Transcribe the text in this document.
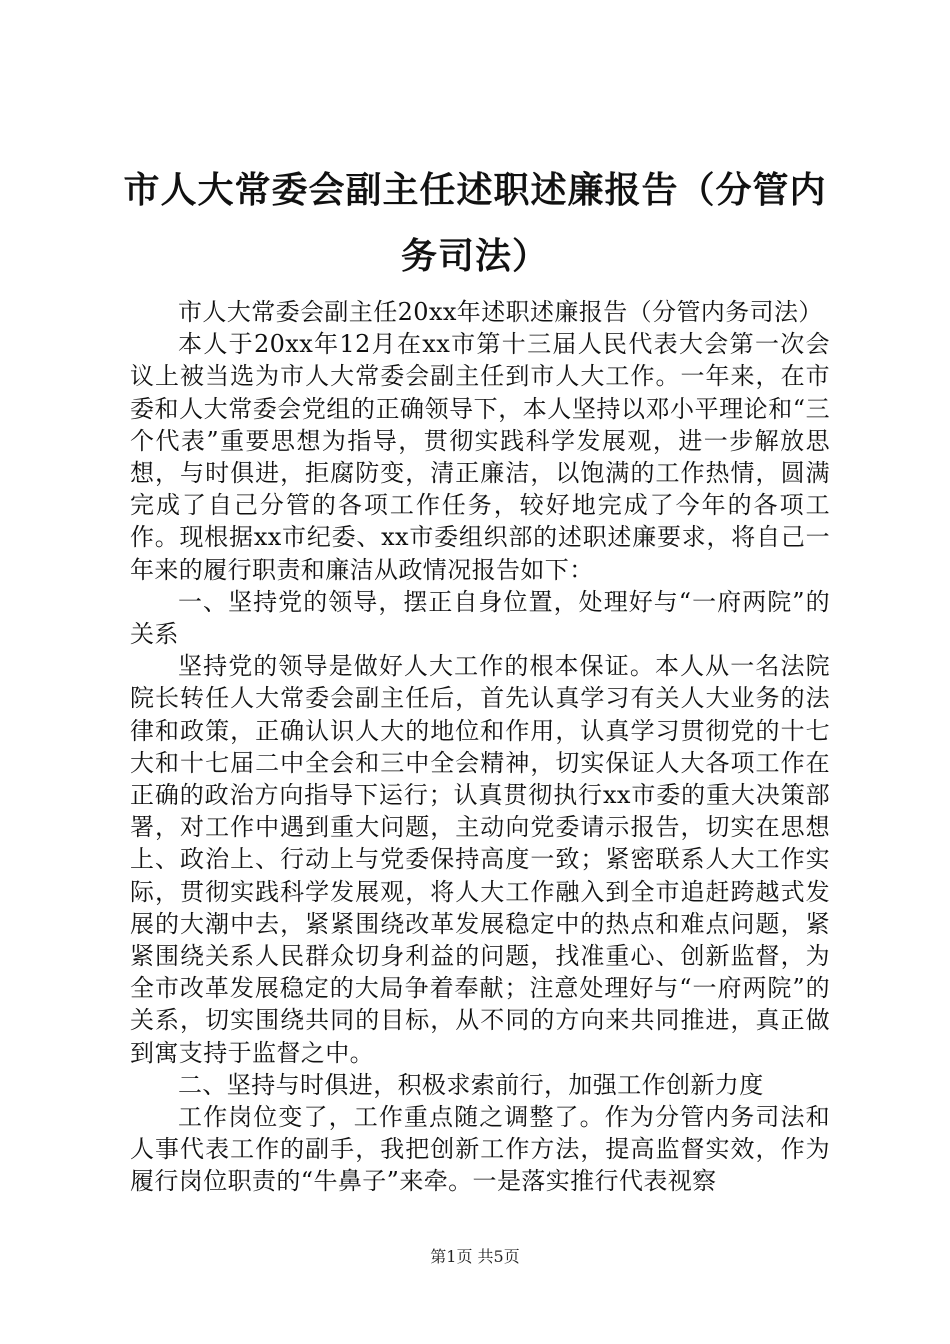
市人大常委会副主任述职述廉报告（分管内务司法）

市人大常委会副主任20xx年述职述廉报告（分管内务司法）

本人于20xx年12月在xx市第十三届人民代表大会第一次会议上被当选为市人大常委会副主任到市人大工作。一年来，在市委和人大常委会党组的正确领导下，本人坚持以邓小平理论和“三个代表”重要思想为指导，贯彻实践科学发展观，进一步解放思想，与时俱进，拒腐防变，清正廉洁，以饱满的工作热情，圆满完成了自己分管的各项工作任务，较好地完成了今年的各项工作。现根据xx市纪委、xx市委组织部的述职述廉要求，将自己一年来的履行职责和廉洁从政情况报告如下：

一、坚持党的领导，摆正自身位置，处理好与“一府两院”的关系

坚持党的领导是做好人大工作的根本保证。本人从一名法院院长转任人大常委会副主任后，首先认真学习有关人大业务的法律和政策，正确认识人大的地位和作用，认真学习贯彻党的十七大和十七届二中全会和三中全会精神，切实保证人大各项工作在正确的政治方向指导下运行；认真贯彻执行xx市委的重大决策部署，对工作中遇到重大问题，主动向党委请示报告，切实在思想上、政治上、行动上与党委保持高度一致；紧密联系人大工作实际，贯彻实践科学发展观，将人大工作融入到全市追赶跨越式发展的大潮中去，紧紧围绕改革发展稳定中的热点和难点问题，紧紧围绕关系人民群众切身利益的问题，找准重心、创新监督，为全市改革发展稳定的大局争着奉献；注意处理好与“一府两院”的关系，切实围绕共同的目标，从不同的方向来共同推进，真正做到寓支持于监督之中。

二、坚持与时俱进，积极求索前行，加强工作创新力度

工作岗位变了，工作重点随之调整了。作为分管内务司法和人事代表工作的副手，我把创新工作方法，提高监督实效，作为履行岗位职责的“牛鼻子”来牵。一是落实推行代表视察

第1页 共5页
